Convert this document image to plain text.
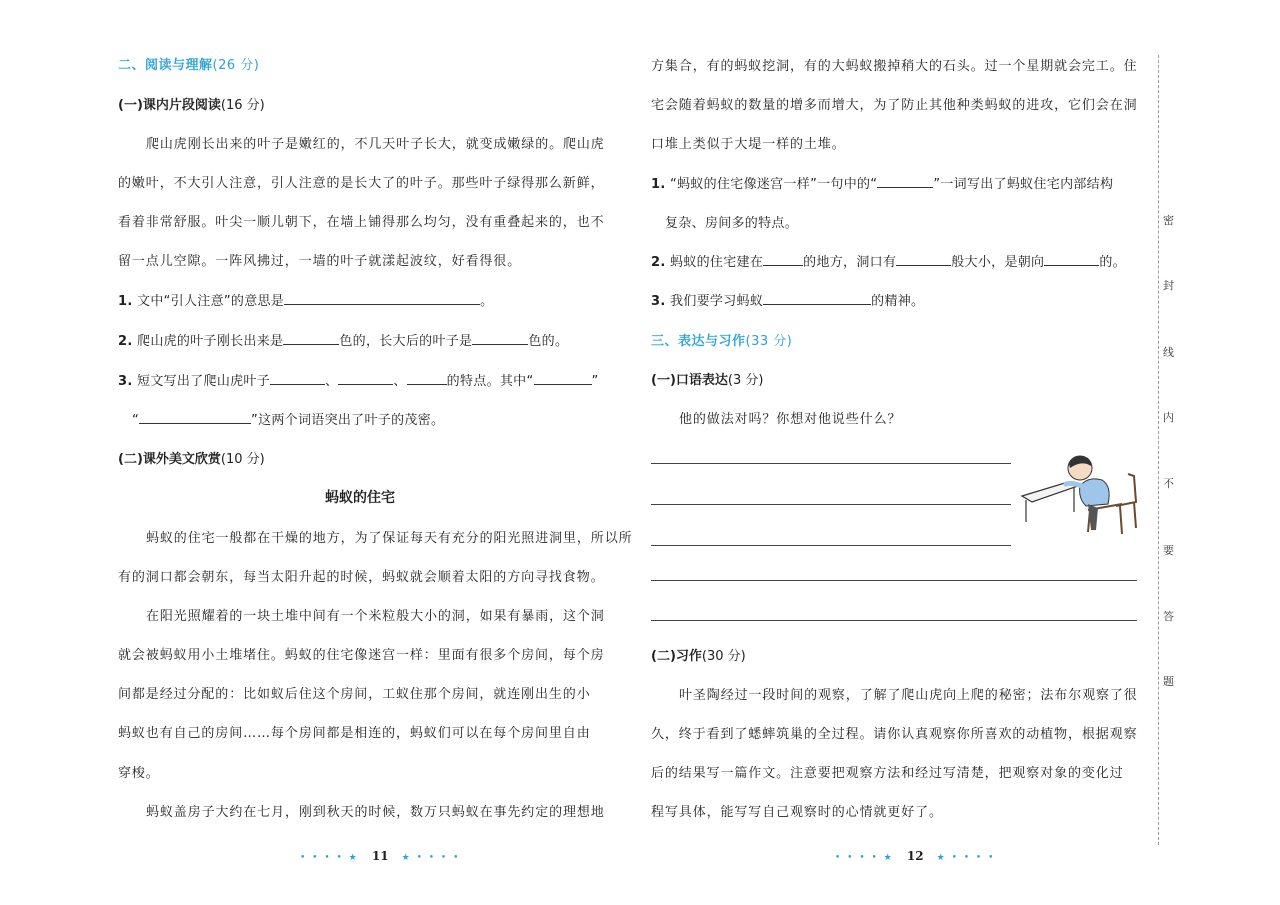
二、阅读与理解(26 分)
(一)课内片段阅读(16 分)
爬山虎刚长出来的叶子是嫩红的，不几天叶子长大，就变成嫩绿的。爬山虎
的嫩叶，不大引人注意，引人注意的是长大了的叶子。那些叶子绿得那么新鲜，
看着非常舒服。叶尖一顺儿朝下，在墙上铺得那么均匀，没有重叠起来的，也不
留一点儿空隙。一阵风拂过，一墙的叶子就漾起波纹，好看得很。
1. 文中“引人注意”的意思是	。
2. 爬山虎的叶子刚长出来是	色的，长大后的叶子是	色的。
3. 短文写出了爬山虎叶子	、	、	的特点。其中“	”
“	”这两个词语突出了叶子的茂密。
(二)课外美文欣赏(10 分)
蚂蚁的住宅
蚂蚁的住宅一般都在干燥的地方，为了保证每天有充分的阳光照进洞里，所以所
有的洞口都会朝东，每当太阳升起的时候，蚂蚁就会顺着太阳的方向寻找食物。
在阳光照耀着的一块土堆中间有一个米粒般大小的洞，如果有暴雨，这个洞
就会被蚂蚁用小土堆堵住。蚂蚁的住宅像迷宫一样：里面有很多个房间，每个房
间都是经过分配的：比如蚁后住这个房间，工蚁住那个房间，就连刚出生的小
蚂蚁也有自己的房间……每个房间都是相连的，蚂蚁们可以在每个房间里自由
穿梭。
蚂蚁盖房子大约在七月，刚到秋天的时候，数万只蚂蚁在事先约定的理想地
• • • • ★ 11 ★ • • • •
方集合，有的蚂蚁挖洞，有的大蚂蚁搬掉稍大的石头。过一个星期就会完工。住
宅会随着蚂蚁的数量的增多而增大，为了防止其他种类蚂蚁的进攻，它们会在洞
口堆上类似于大堤一样的土堆。
1. “蚂蚁的住宅像迷宫一样”一句中的“	”一词写出了蚂蚁住宅内部结构
复杂、房间多的特点。
2. 蚂蚁的住宅建在	的地方，洞口有	般大小，是朝向	的。
3. 我们要学习蚂蚁	的精神。
三、表达与习作(33 分)
(一)口语表达(3 分)
他的做法对吗？你想对他说些什么？
(二)习作(30 分)
叶圣陶经过一段时间的观察，了解了爬山虎向上爬的秘密；法布尔观察了很
久，终于看到了蟋蟀筑巢的全过程。请你认真观察你所喜欢的动植物，根据观察
后的结果写一篇作文。注意要把观察方法和经过写清楚，把观察对象的变化过
程写具体，能写写自己观察时的心情就更好了。
• • • • ★ 12 ★ • • • •
密
封
线
内
不
要
答
题
